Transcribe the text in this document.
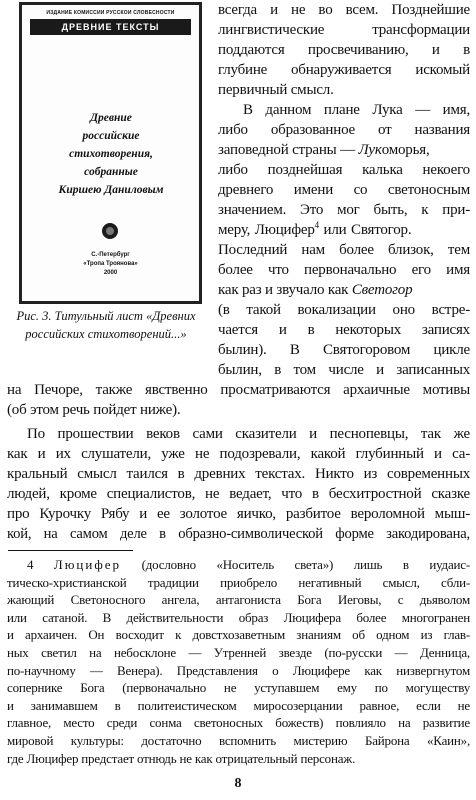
ИЗДАНИЕ КОМИССИИ РУССКОЙ СЛОВЕСНОСТИ
ДРЕВНИЕ ТЕКСТЫ
Древние
российские
стихотворения,
собранные
Киршею Даниловым
С.-Петербург
«Тропа Троянова»
2000
Рис. 3. Титульный лист «Древних
российских стихотворений...»
всегда и не во всем. Позднейшие
лингвистические трансформации
поддаются просвечиванию, и в
глубине обнаруживается искомый
первичный смысл.
В данном плане Лука — имя,
либо образованное от названия
заповедной страны — Лукоморья,
либо позднейшая калька некоего
древнего имени со светоносным
значением. Это мог быть, к при-
меру, Люцифер$^4$ или Святогор.
Последний нам более близок, тем
более что первоначально его имя
как раз и звучало как Светогор
(в такой вокализации оно встре-
чается и в некоторых записях
былин). В Святогоровом цикле
былин, в том числе и записанных
на Печоре, также явственно просматриваются архаичные мотивы
(об этом речь пойдет ниже).
По прошествии веков сами сказители и песнопевцы, так же
как и их слушатели, уже не подозревали, какой глубинный и са-
кральный смысл таился в древних текстах. Никто из современных
людей, кроме специалистов, не ведает, что в бесхитростной сказке
про Курочку Рябу и ее золотое яичко, разбитое вероломной мыш-
кой, на самом деле в образно-символической форме закодирована,
4 Люцифер (дословно «Носитель света») лишь в иудаис-
тическо-христианской традиции приобрело негативный смысл, сбли-
жающий Светоносного ангела, антагониста Бога Иеговы, с дьяволом
или сатаной. В действительности образ Люцифера более многогранен
и архаичен. Он восходит к довстхозаветным знаниям об одном из глав-
ных светил на небосклоне — Утренней звезде (по-русски — Денница,
по-научному — Венера). Представления о Люцифере как низвергнутом
сопернике Бога (первоначально не уступавшем ему по могуществу
и занимавшем в политеистическом миросозерцании равное, если не
главное, место среди сонма светоносных божеств) повлияло на развитие
мировой культуры: достаточно вспомнить мистерию Байрона «Каин»,
где Люцифер предстает отнюдь не как отрицательный персонаж.
8
